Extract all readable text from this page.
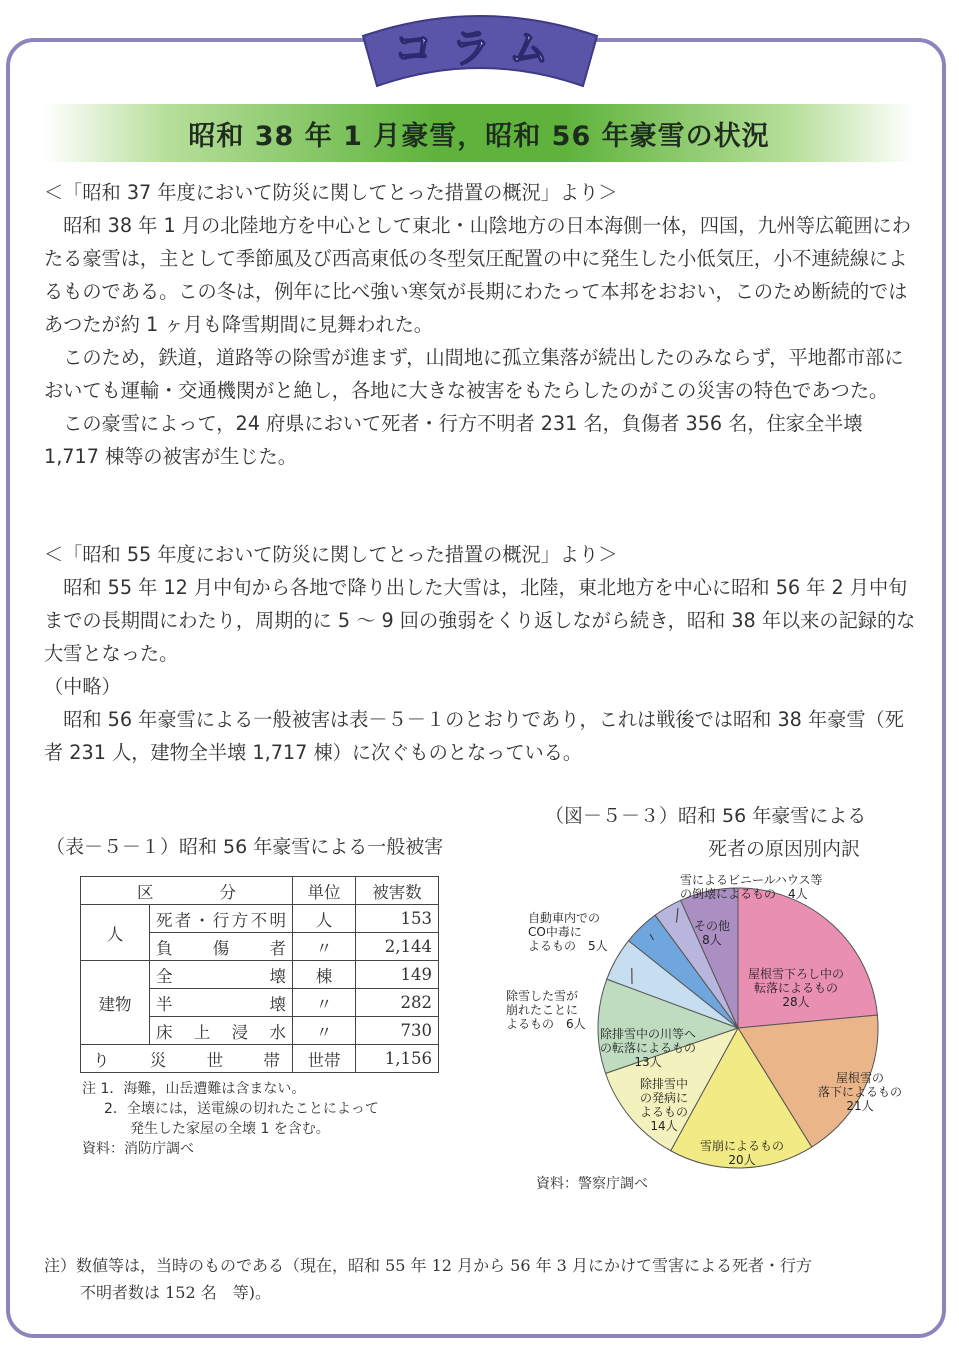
コラム
昭和 38 年 1 月豪雪，昭和 56 年豪雪の状況

＜「昭和 37 年度において防災に関してとった措置の概況」より＞

昭和 38 年 1 月の北陸地方を中心として東北・山陰地方の日本海側一体，四国，九州等広範囲にわたる豪雪は，主として季節風及び西高東低の冬型気圧配置の中に発生した小低気圧，小不連続線によるものである。この冬は，例年に比べ強い寒気が長期にわたって本邦をおおい，このため断続的ではあつたが約 1 ヶ月も降雪期間に見舞われた。

このため，鉄道，道路等の除雪が進まず，山間地に孤立集落が続出したのみならず，平地都市部においても運輸・交通機関がと絶し，各地に大きな被害をもたらしたのがこの災害の特色であつた。

この豪雪によって，24 府県において死者・行方不明者 231 名，負傷者 356 名，住家全半壊 1,717 棟等の被害が生じた。

＜「昭和 55 年度において防災に関してとった措置の概況」より＞

昭和 55 年 12 月中旬から各地で降り出した大雪は，北陸，東北地方を中心に昭和 56 年 2 月中旬までの長期間にわたり，周期的に 5 ～ 9 回の強弱をくり返しながら続き，昭和 38 年以来の記録的な大雪となった。

（中略）

昭和 56 年豪雪による一般被害は表－５－１のとおりであり，これは戦後では昭和 38 年豪雪（死者 231 人，建物全半壊 1,717 棟）に次ぐものとなっている。

（図－５－３）昭和 56 年豪雪による
死者の原因別内訳
（表－５－１）昭和 56 年豪雪による一般被害
区　　　　分		単位	被害数
人	死者・行方不明	人	153
	負傷者	〃	2,144
建物	全壊	棟	149
	半壊	〃	282
	床上浸水	〃	730
り災世帯		世帯	1,156
注 1．海難，山岳遭難は含まない。
2．全壊には，送電線の切れたことによって
発生した家屋の全壊 1 を含む。
資料：消防庁調べ
屋根雪下ろし中の転落によるもの 28人
屋根雪の落下によるもの 21人
雪崩によるもの 20人
除排雪中の発病によるもの 14人
除排雪中の川等への転落によるもの 13人
除雪した雪が崩れたことによるもの　6人
自動車内での CO中毒によるもの　5人
雪によるビニールハウス等の倒壊によるもの　4人
その他 8人
資料：警察庁調べ
注）数値等は，当時のものである（現在，昭和 55 年 12 月から 56 年 3 月にかけて雪害による死者・行方
不明者数は 152 名　等)。
